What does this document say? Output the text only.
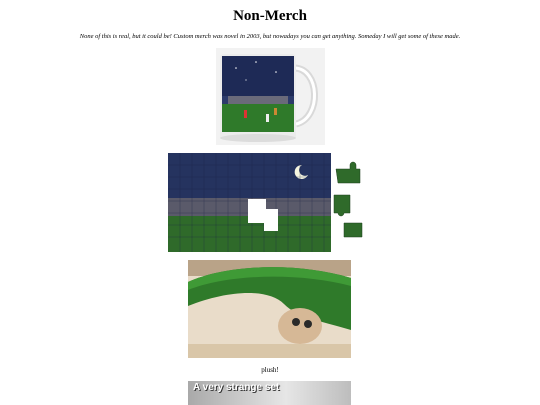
Non-Merch

None of this is real, but it could be! Custom merch was novel in 2003, but nowadays you can get anything. Someday I will get some of these made.

plush!
A very strange set
